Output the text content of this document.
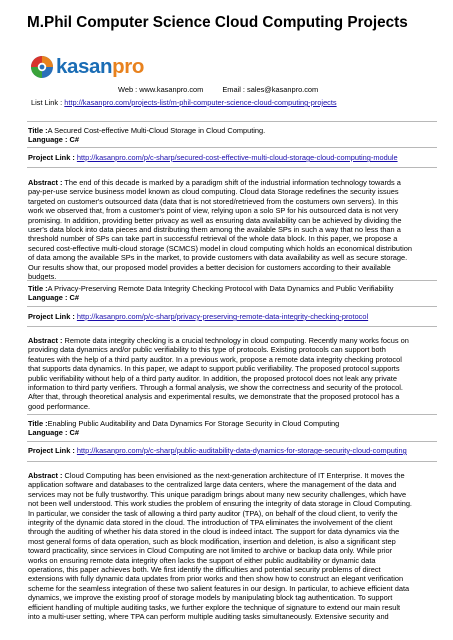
M.Phil Computer Science Cloud Computing Projects
kasanpro
Web : www.kasanpro.com	Email : sales@kasanpro.com
List Link : http://kasanpro.com/projects-list/m-phil-computer-science-cloud-computing-projects
Title :A Secured Cost-effective Multi-Cloud Storage in Cloud Computing.
Language : C#
Project Link : http://kasanpro.com/p/c-sharp/secured-cost-effective-multi-cloud-storage-cloud-computing-module
Abstract : The end of this decade is marked by a paradigm shift of the industrial information technology towards a
pay-per-use service business model known as cloud computing. Cloud data Storage redefines the security issues
targeted on customer's outsourced data (data that is not stored/retrieved from the costumers own servers). In this
work we observed that, from a customer's point of view, relying upon a solo SP for his outsourced data is not very
promising. In addition, providing better privacy as well as ensuring data availability can be achieved by dividing the
user's data block into data pieces and distributing them among the available SPs in such a way that no less than a
threshold number of SPs can take part in successful retrieval of the whole data block. In this paper, we propose a
secured cost-effective multi-cloud storage (SCMCS) model in cloud computing which holds an economical distribution
of data among the available SPs in the market, to provide customers with data availability as well as secure storage.
Our results show that, our proposed model provides a better decision for customers according to their available
budgets.
Title :A Privacy-Preserving Remote Data Integrity Checking Protocol with Data Dynamics and Public Verifiability
Language : C#
Project Link : http://kasanpro.com/p/c-sharp/privacy-preserving-remote-data-integrity-checking-protocol
Abstract : Remote data integrity checking is a crucial technology in cloud computing. Recently many works focus on
providing data dynamics and/or public verifiability to this type of protocols. Existing protocols can support both
features with the help of a third party auditor. In a previous work, propose a remote data integrity checking protocol
that supports data dynamics. In this paper, we adapt to support public verifiability. The proposed protocol supports
public verifiability without help of a third party auditor. In addition, the proposed protocol does not leak any private
information to third party verifiers. Through a formal analysis, we show the correctness and security of the protocol.
After that, through theoretical analysis and experimental results, we demonstrate that the proposed protocol has a
good performance.
Title :Enabling Public Auditability and Data Dynamics For Storage Security in Cloud Computing
Language : C#
Project Link : http://kasanpro.com/p/c-sharp/public-auditability-data-dynamics-for-storage-security-cloud-computing
Abstract : Cloud Computing has been envisioned as the next-generation architecture of IT Enterprise. It moves the
application software and databases to the centralized large data centers, where the management of the data and
services may not be fully trustworthy. This unique paradigm brings about many new security challenges, which have
not been well understood. This work studies the problem of ensuring the integrity of data storage in Cloud Computing.
In particular, we consider the task of allowing a third party auditor (TPA), on behalf of the cloud client, to verify the
integrity of the dynamic data stored in the cloud. The introduction of TPA eliminates the involvement of the client
through the auditing of whether his data stored in the cloud is indeed intact. The support for data dynamics via the
most general forms of data operation, such as block modification, insertion and deletion, is also a significant step
toward practicality, since services in Cloud Computing are not limited to archive or backup data only. While prior
works on ensuring remote data integrity often lacks the support of either public auditability or dynamic data
operations, this paper achieves both. We first identify the difficulties and potential security problems of direct
extensions with fully dynamic data updates from prior works and then show how to construct an elegant verification
scheme for the seamless integration of these two salient features in our design. In particular, to achieve efficient data
dynamics, we improve the existing proof of storage models by manipulating block tag authentication. To support
efficient handling of multiple auditing tasks, we further explore the technique of signature to extend our main result
into a multi-user setting, where TPA can perform multiple auditing tasks simultaneously. Extensive security and
